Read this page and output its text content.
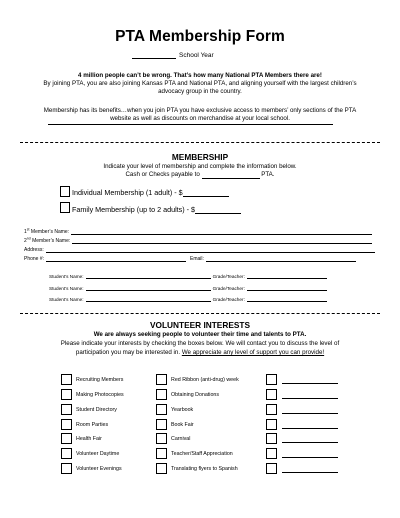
PTA Membership Form
School Year
4 million people can’t be wrong. That’s how many National PTA Members there are!
By joining PTA, you are also joining Kansas PTA and National PTA, and aligning yourself with the largest children’s advocacy group in the country.
Membership has its benefits…when you join PTA you have exclusive access to members’ only sections of the PTA website as well as discounts on merchandise at your local school.
MEMBERSHIP
Indicate your level of membership and complete the information below.
Cash or Checks payable to	PTA.
Individual Membership (1 adult) - $
Family Membership (up to 2 adults) - $
1st Member’s Name:
2nd Member’s Name:
Address:
Phone #:	Email:
Student’s Name:	Grade/Teacher:
Student’s Name:	Grade/Teacher:
Student’s Name:	Grade/Teacher:
VOLUNTEER INTERESTS
We are always seeking people to volunteer their time and talents to PTA.
Please indicate your interests by checking the boxes below. We will contact you to discuss the level of
participation you may be interested in. We appreciate any level of support you can provide!
Recruiting Members
Making Photocopies
Student Directory
Room Parties
Health Fair
Volunteer Daytime
Volunteer Evenings
Red Ribbon (anti-drug) week
Obtaining Donations
Yearbook
Book Fair
Carnival
Teacher/Staff Appreciation
Translating flyers to Spanish
